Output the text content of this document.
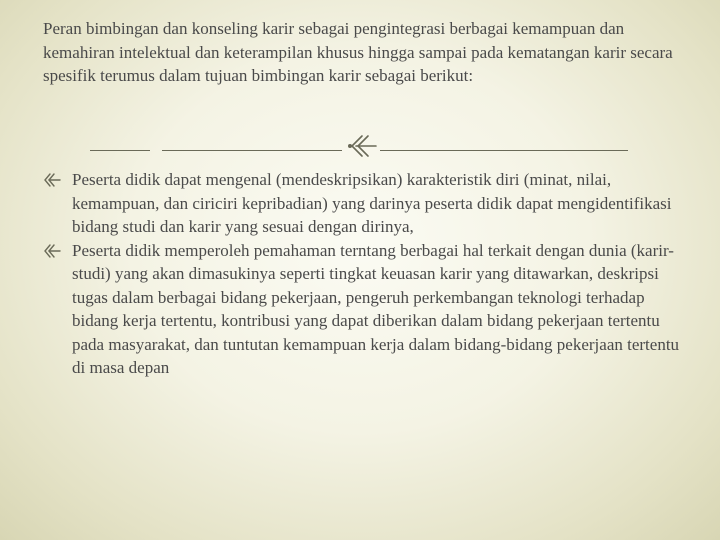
Peran bimbingan dan konseling karir sebagai pengintegrasi berbagai kemampuan dan kemahiran intelektual dan keterampilan khusus hingga sampai pada kematangan karir secara spesifik terumus dalam tujuan bimbingan karir sebagai berikut:
Peserta didik dapat mengenal (mendeskripsikan) karakteristik diri (minat, nilai, kemampuan, dan ciriciri kepribadian) yang darinya peserta didik dapat mengidentifikasi bidang studi dan karir yang sesuai dengan dirinya,
Peserta didik memperoleh pemahaman terntang berbagai hal terkait dengan dunia (karir-studi) yang akan dimasukinya seperti tingkat keuasan karir yang ditawarkan, deskripsi tugas dalam berbagai bidang pekerjaan, pengeruh perkembangan teknologi terhadap bidang kerja tertentu, kontribusi yang dapat diberikan dalam bidang pekerjaan tertentu pada masyarakat, dan tuntutan kemampuan kerja dalam bidang-bidang pekerjaan tertentu di masa depan
